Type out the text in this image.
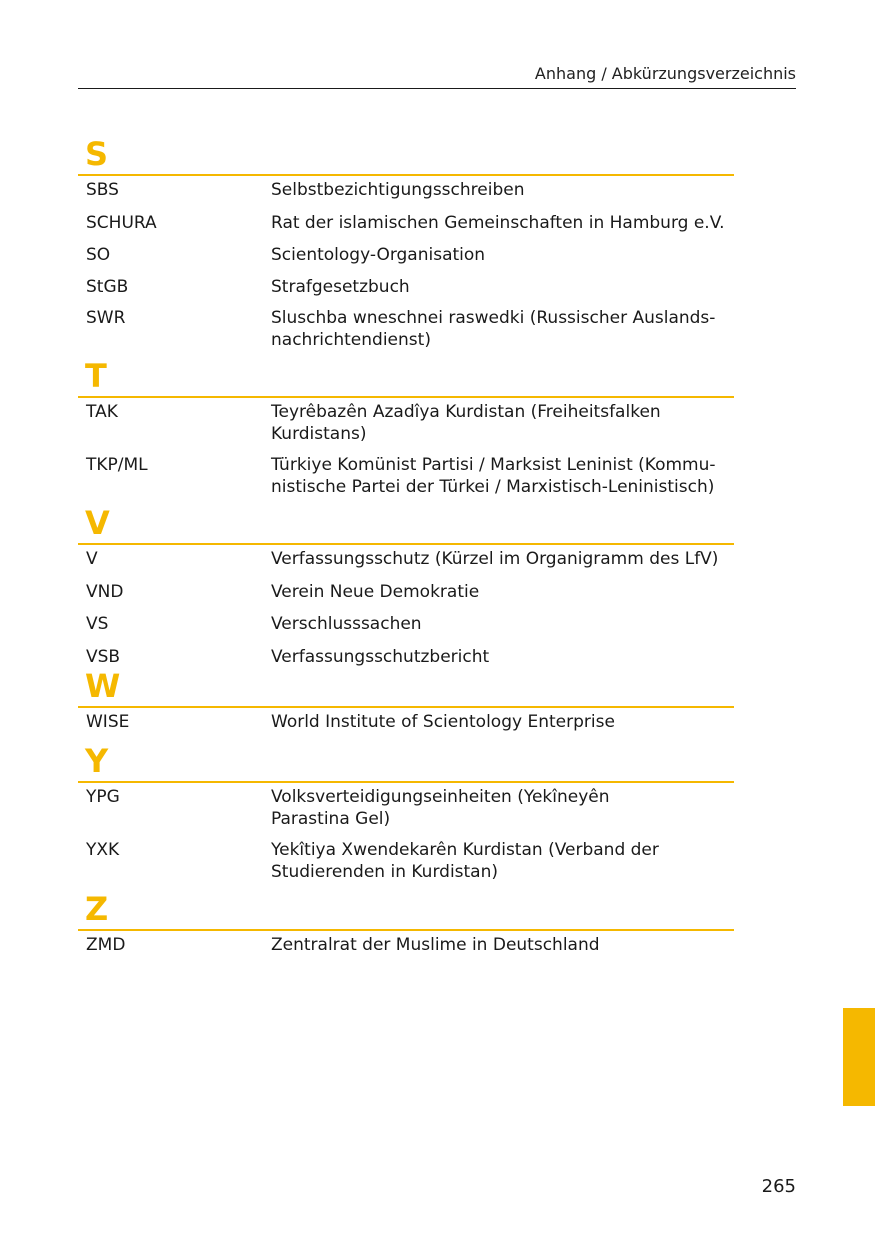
Anhang / Abkürzungsverzeichnis
S
SBS	Selbstbezichtigungsschreiben
SCHURA	Rat der islamischen Gemeinschaften in Hamburg e.V.
SO	Scientology-Organisation
StGB	Strafgesetzbuch
SWR	Sluschba wneschnei raswedki (Russischer Auslands-
nachrichtendienst)
T
TAK	Teyrêbazên Azadîya Kurdistan (Freiheitsfalken
Kurdistans)
TKP/ML	Türkiye Komünist Partisi / Marksist Leninist (Kommu-
nistische Partei der Türkei / Marxistisch-Leninistisch)
V
V	Verfassungsschutz (Kürzel im Organigramm des LfV)
VND	Verein Neue Demokratie
VS	Verschlusssachen
VSB	Verfassungsschutzbericht
W
WISE	World Institute of Scientology Enterprise
Y
YPG	Volksverteidigungseinheiten (Yekîneyên
Parastina Gel)
YXK	Yekîtiya Xwendekarên Kurdistan (Verband der
Studierenden in Kurdistan)
Z
ZMD	Zentralrat der Muslime in Deutschland
265
